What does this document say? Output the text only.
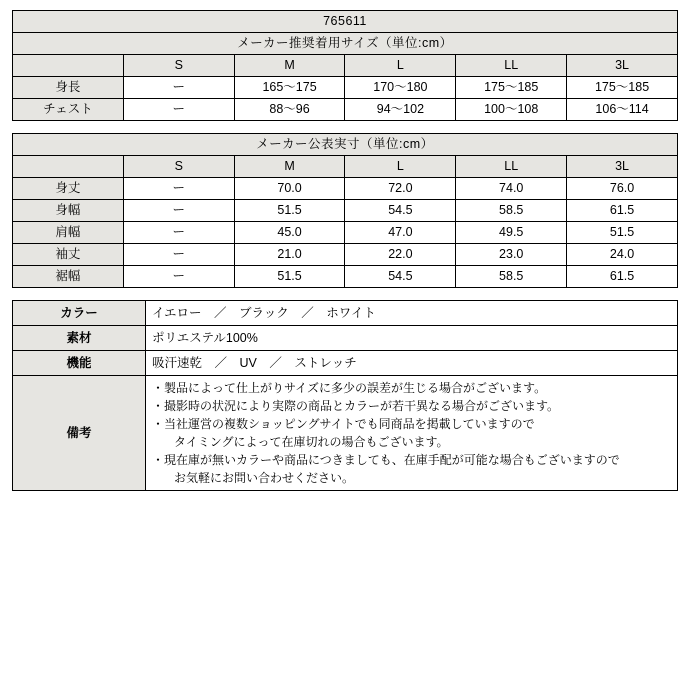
765611					
メーカー推奨着用サイズ（単位:cm）					
	S	M	L	LL	3L
身長	ー	165〜175	170〜180	175〜185	175〜185
チェスト	ー	88〜96	94〜102	100〜108	106〜114
メーカー公表実寸（単位:cm）					
	S	M	L	LL	3L
身丈	ー	70.0	72.0	74.0	76.0
身幅	ー	51.5	54.5	58.5	61.5
肩幅	ー	45.0	47.0	49.5	51.5
袖丈	ー	21.0	22.0	23.0	24.0
裾幅	ー	51.5	54.5	58.5	61.5
カラー	イエロー　／　ブラック　／　ホワイト
素材	ポリエステル100%
機能	吸汗速乾　／　UV　／　ストレッチ
備考	
・製品によって仕上がりサイズに多少の誤差が生じる場合がございます。
・撮影時の状況により実際の商品とカラーが若干異なる場合がございます。
・当社運営の複数ショッピングサイトでも同商品を掲載していますので
　タイミングによって在庫切れの場合もございます。
・現在庫が無いカラーや商品につきましても、在庫手配が可能な場合もございますので
　お気軽にお問い合わせください。
